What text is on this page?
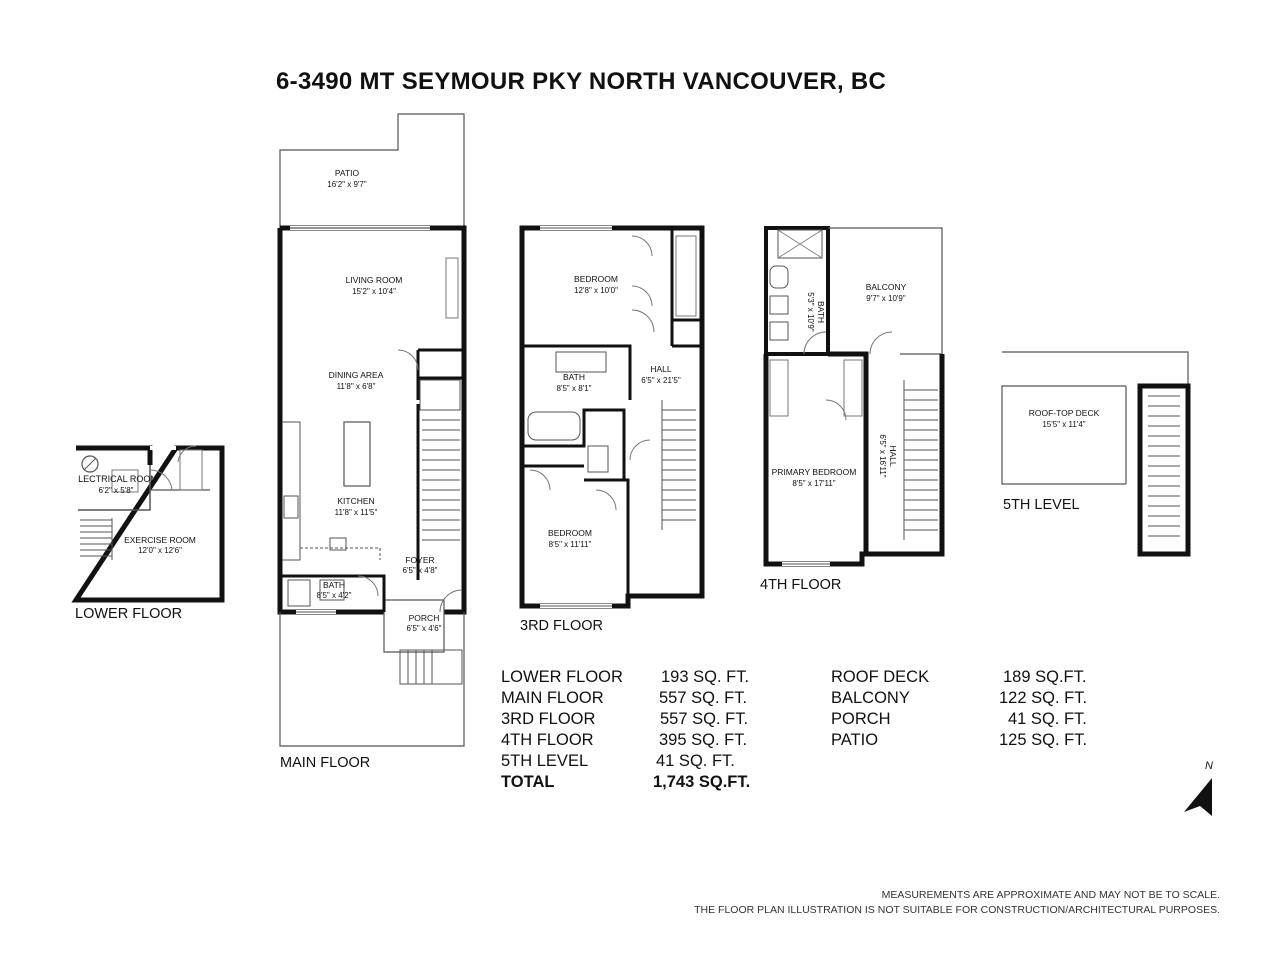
6-3490 MT SEYMOUR PKY NORTH VANCOUVER, BC
LECTRICAL ROOM
6'2" x 5'8"
EXERCISE ROOM
12'0" x 12'6"
PATIO
16'2" x 9'7"
LIVING ROOM
15'2" x 10'4"
DINING AREA
11'8" x 6'8"
KITCHEN
11'8" x 11'5"
FOYER
6'5" x 4'8"
BATH
8'5" x 4'2"
PORCH
6'5" x 4'6"
BEDROOM
12'8" x 10'0"
BATH
8'5" x 8'1"
HALL
6'5" x 21'5"
BEDROOM
8'5" x 11'11"
BATH
5'3" x 10'9"
BALCONY
9'7" x 10'9"
PRIMARY BEDROOM
8'5" x 17'11"
HALL
6'5" x 16'11"
ROOF-TOP DECK
15'5" x 11'4"
LOWER FLOOR
MAIN FLOOR
3RD FLOOR
4TH FLOOR
5TH LEVEL
LOWER FLOOR 193 SQ. FT.
MAIN FLOOR	557 SQ. FT.
3RD FLOOR	557 SQ. FT.
4TH FLOOR	395 SQ. FT.
5TH LEVEL	41 SQ. FT.
TOTAL	1,743 SQ.FT.
ROOF DECK	189 SQ.FT.
BALCONY	122 SQ. FT.
PORCH	41 SQ. FT.
PATIO	125 SQ. FT.
N
MEASUREMENTS ARE APPROXIMATE AND MAY NOT BE TO SCALE.
THE FLOOR PLAN ILLUSTRATION IS NOT SUITABLE FOR CONSTRUCTION/ARCHITECTURAL PURPOSES.
